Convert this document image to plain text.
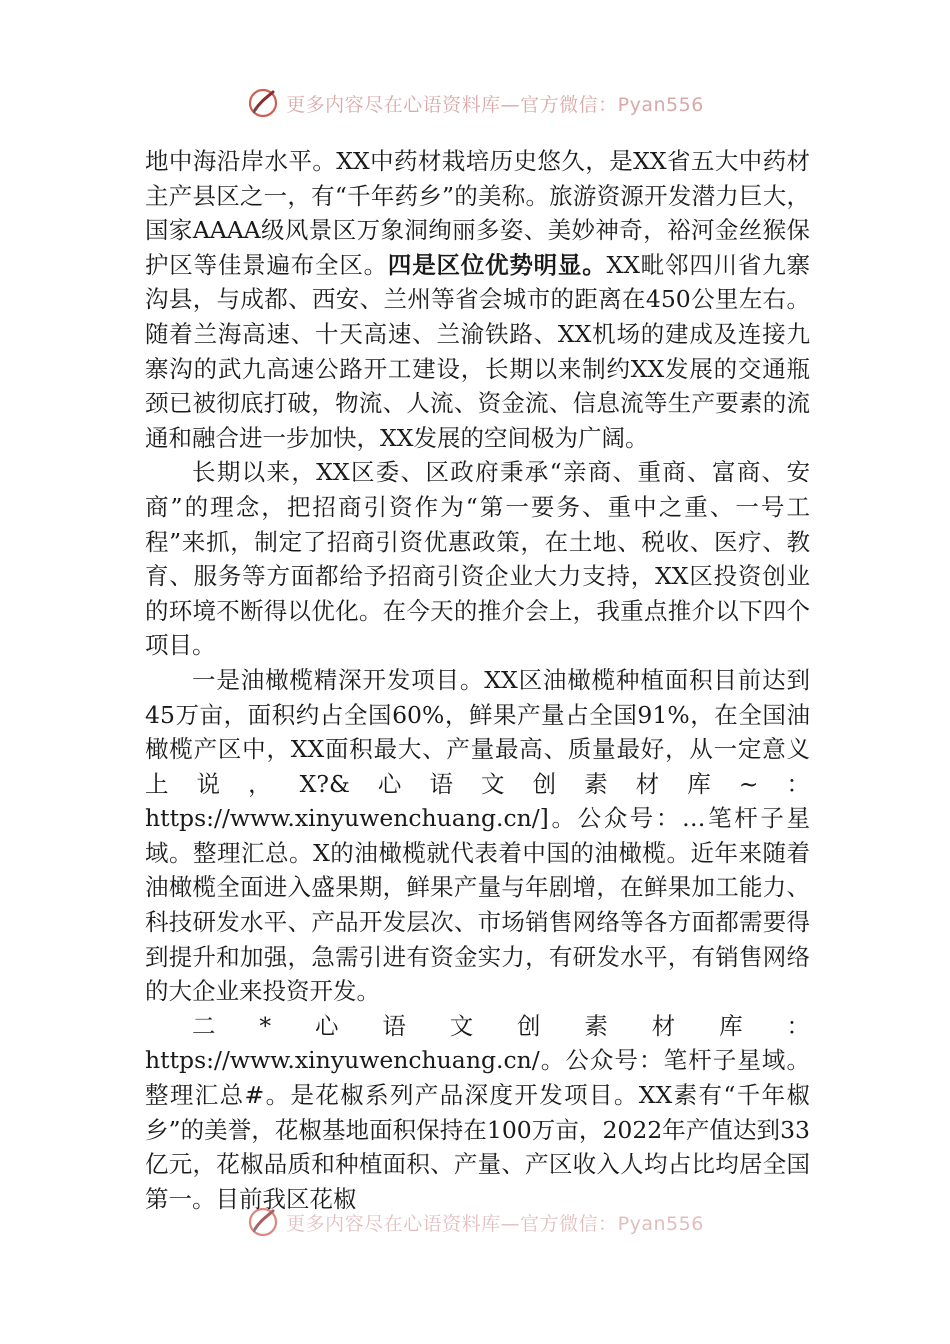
更多内容尽在心语资料库—官方微信：Pyan556

地中海沿岸水平。XX中药材栽培历史悠久，是XX省五大中药材主产县区之一，有“千年药乡”的美称。旅游资源开发潜力巨大，国家AAAA级风景区万象洞绚丽多姿、美妙神奇，裕河金丝猴保护区等佳景遍布全区。四是区位优势明显。XX毗邻四川省九寨沟县，与成都、西安、兰州等省会城市的距离在450公里左右。随着兰海高速、十天高速、兰渝铁路、XX机场的建成及连接九寨沟的武九高速公路开工建设，长期以来制约XX发展的交通瓶颈已被彻底打破，物流、人流、资金流、信息流等生产要素的流通和融合进一步加快，XX发展的空间极为广阔。

长期以来，XX区委、区政府秉承“亲商、重商、富商、安商”的理念，把招商引资作为“第一要务、重中之重、一号工程”来抓，制定了招商引资优惠政策，在土地、税收、医疗、教育、服务等方面都给予招商引资企业大力支持，XX区投资创业的环境不断得以优化。在今天的推介会上，我重点推介以下四个项目。

一是油橄榄精深开发项目。XX区油橄榄种植面积目前达到45万亩，面积约占全国60%，鲜果产量占全国91%，在全国油橄榄产区中，XX面积最大、产量最高、质量最好，从一定意义上说，X?&心语文创素材库~：https://www.xinyuwenchuang.cn/]。公众号：…笔杆子星域。整理汇总。X的油橄榄就代表着中国的油橄榄。近年来随着油橄榄全面进入盛果期，鲜果产量与年剧增，在鲜果加工能力、科技研发水平、产品开发层次、市场销售网络等各方面都需要得到提升和加强，急需引进有资金实力，有研发水平，有销售网络的大企业来投资开发。

二*心语文创素材库：https://www.xinyuwenchuang.cn/。公众号：笔杆子星域。整理汇总#。是花椒系列产品深度开发项目。XX素有“千年椒乡”的美誉，花椒基地面积保持在100万亩，2022年产值达到33亿元，花椒品质和种植面积、产量、产区收入人均占比均居全国第一。目前我区花椒

更多内容尽在心语资料库—官方微信：Pyan556
